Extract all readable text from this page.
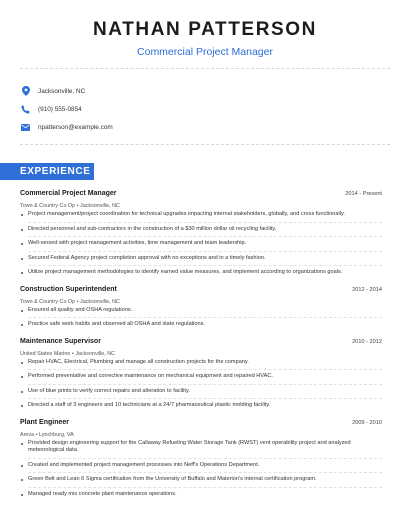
NATHAN PATTERSON
Commercial Project Manager
Jacksonville, NC
(910) 555-0854
npatterson@example.com
EXPERIENCE
Commercial Project Manager	2014 - Present
Town & Country Co Op • Jacksonville, NC
Project management/project coordination for technical upgrades impacting internal stakeholders, globally, and cross functionally.
Directed personnel and sub-contractors in the construction of a $30 million dollar oil recycling facility.
Well-versed with project management activities, time management and team leadership.
Secured Federal Agency project completion approval with no exceptions and in a timely fashion.
Utilize project management methodologies to identify earned value measures, and implement according to organizations goals.
Construction Superintendent	2012 - 2014
Town & Country Co Op • Jacksonville, NC
Ensured all quality and OSHA regulations.
Practice safe work habits and observed all OSHA and state regulations.
Maintenance Supervisor	2010 - 2012
United States Marine • Jacksonville, NC
Repair HVAC, Electrical, Plumbing and manage all construction projects for the company.
Performed preventative and corrective maintenance on mechanical equipment and repaired HVAC.
Use of blue prints to verify correct repairs and alteration to facility.
Directed a staff of 3 engineers and 10 technicians at a 24/7 pharmaceutical plastic molding facility.
Plant Engineer	2009 - 2010
Areva • Lynchburg, VA
Provided design engineering support for the Callaway Refueling Water Storage Tank (RWST) vent operability project and analyzed meteorological data.
Created and implemented project management processes into Neff's Operations Department.
Green Belt and Lean 6 Sigma certification from the University of Buffalo and Materion's internal certification program.
Managed ready mix concrete plant maintenance operations.
